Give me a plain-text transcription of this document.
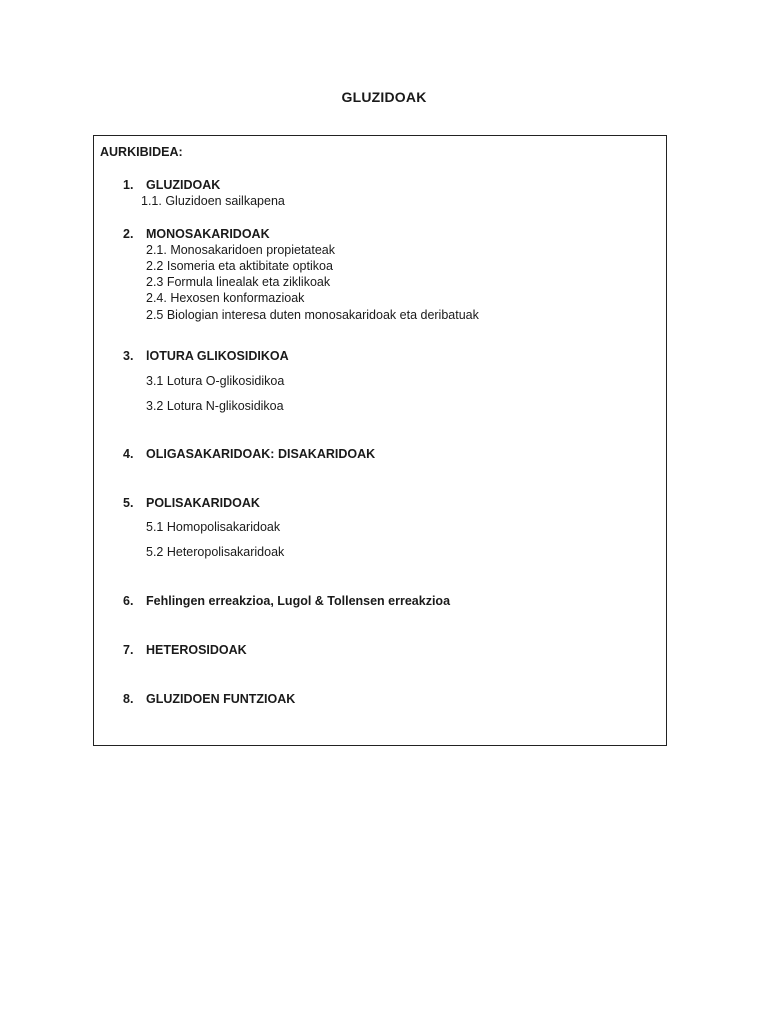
GLUZIDOAK
AURKIBIDEA:
1. GLUZIDOAK
1.1. Gluzidoen sailkapena
2. MONOSAKARIDOAK
2.1. Monosakaridoen propietateak
2.2 Isomeria eta aktibitate optikoa
2.3 Formula linealak eta ziklikoak
2.4. Hexosen konformazioak
2.5 Biologian interesa duten monosakaridoak eta deribatuak
3. lOTURA GLIKOSIDIKOA
3.1 Lotura O-glikosidikoa
3.2 Lotura N-glikosidikoa
4. OLIGASAKARIDOAK: DISAKARIDOAK
5. POLISAKARIDOAK
5.1 Homopolisakaridoak
5.2 Heteropolisakaridoak
6. Fehlingen erreakzioa, Lugol & Tollensen erreakzioa
7. HETEROSIDOAK
8. GLUZIDOEN FUNTZIOAK
